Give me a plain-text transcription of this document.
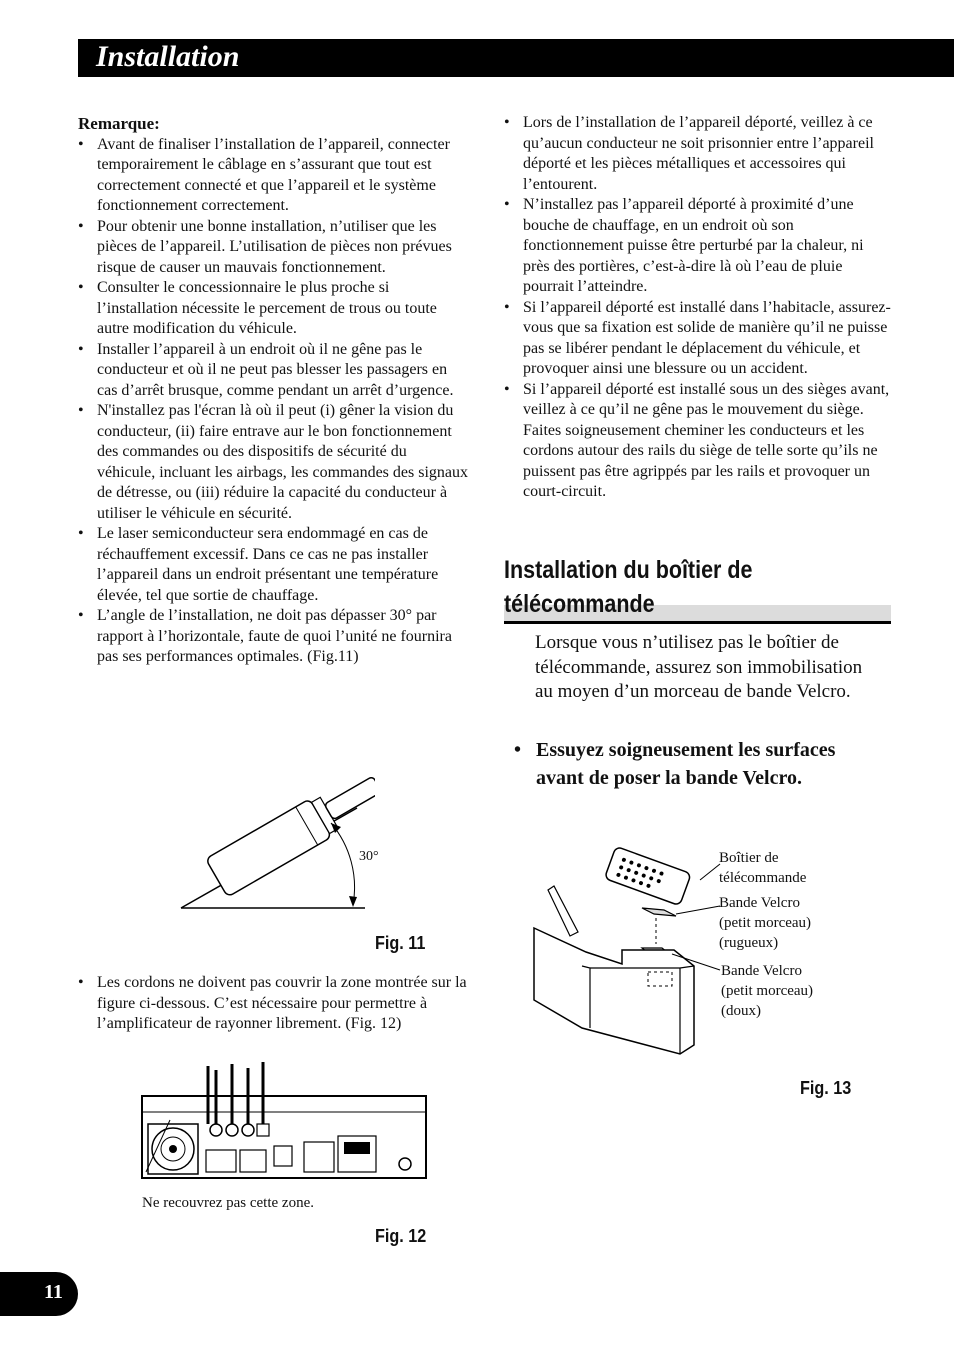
Installation
Remarque:
• Avant de finaliser l’installation de l’appareil, connecter temporairement le câblage en s’assurant que tout est correctement connecté et que l’appareil et le système fonctionnement correctement.
• Pour obtenir une bonne installation, n’utiliser que les pièces de l’appareil. L’utilisation de pièces non prévues risque de causer un mauvais fonctionnement.
• Consulter le concessionnaire le plus proche si l’installation nécessite le percement de trous ou toute autre modification du véhicule.
• Installer l’appareil à un endroit où il ne gêne pas le conducteur et où il ne peut pas blesser les passagers en cas d’arrêt brusque, comme pendant un arrêt d’urgence.
• N'installez pas l'écran là où il peut (i) gêner la vision du conducteur, (ii) faire entrave aur le bon fonctionnement des commandes ou des dispositifs de sécurité du véhicule, incluant les airbags, les commandes des signaux de détresse, ou (iii) réduire la capacité du conducteur à utiliser le véhicule en sécurité.
• Le laser semiconducteur sera endommagé en cas de réchauffement excessif. Dans ce cas ne pas installer l’appareil dans un endroit présentant une température élevée, tel que sortie de chauffage.
• L’angle de l’installation, ne doit pas dépasser 30° par rapport à l’horizontale, faute de quoi l’unité ne fournira pas ses performances optimales. (Fig.11)
30°
Fig. 11
• Les cordons ne doivent pas couvrir la zone montrée sur la figure ci-dessous. C’est nécessaire pour permettre à l’amplificateur de rayonner librement. (Fig. 12)
Ne recouvrez pas cette zone.
Fig. 12
• Lors de l’installation de l’appareil déporté, veillez à ce qu’aucun conducteur ne soit prisonnier entre l’appareil déporté et les pièces métalliques et accessoires qui l’entourent.
• N’installez pas l’appareil déporté à proximité d’une bouche de chauffage, en un endroit où son fonctionnement puisse être perturbé par la chaleur, ni près des portières, c’est-à-dire là où l’eau de pluie pourrait l’atteindre.
• Si l’appareil déporté est installé dans l’habitacle, assurez-vous que sa fixation est solide de manière qu’il ne puisse pas se libérer pendant le déplacement du véhicule, et provoquer ainsi une blessure ou un accident.
• Si l’appareil déporté est installé sous un des sièges avant, veillez à ce qu’il ne gêne pas le mouvement du siège. Faites soigneusement cheminer les conducteurs et les cordons autour des rails du siège de telle sorte qu’ils ne puissent pas être agrippés par les rails et provoquer un court-circuit.
Installation du boîtier de
télécommande
Lorsque vous n’utilisez pas le boîtier de télécommande, assurez son immobilisation au moyen d’un morceau de bande Velcro.
• Essuyez soigneusement les surfaces avant de poser la bande Velcro.
Boîtier de
télécommande
Bande Velcro
(petit morceau)
(rugueux)
Bande Velcro
(petit morceau)
(doux)
Fig. 13
11
